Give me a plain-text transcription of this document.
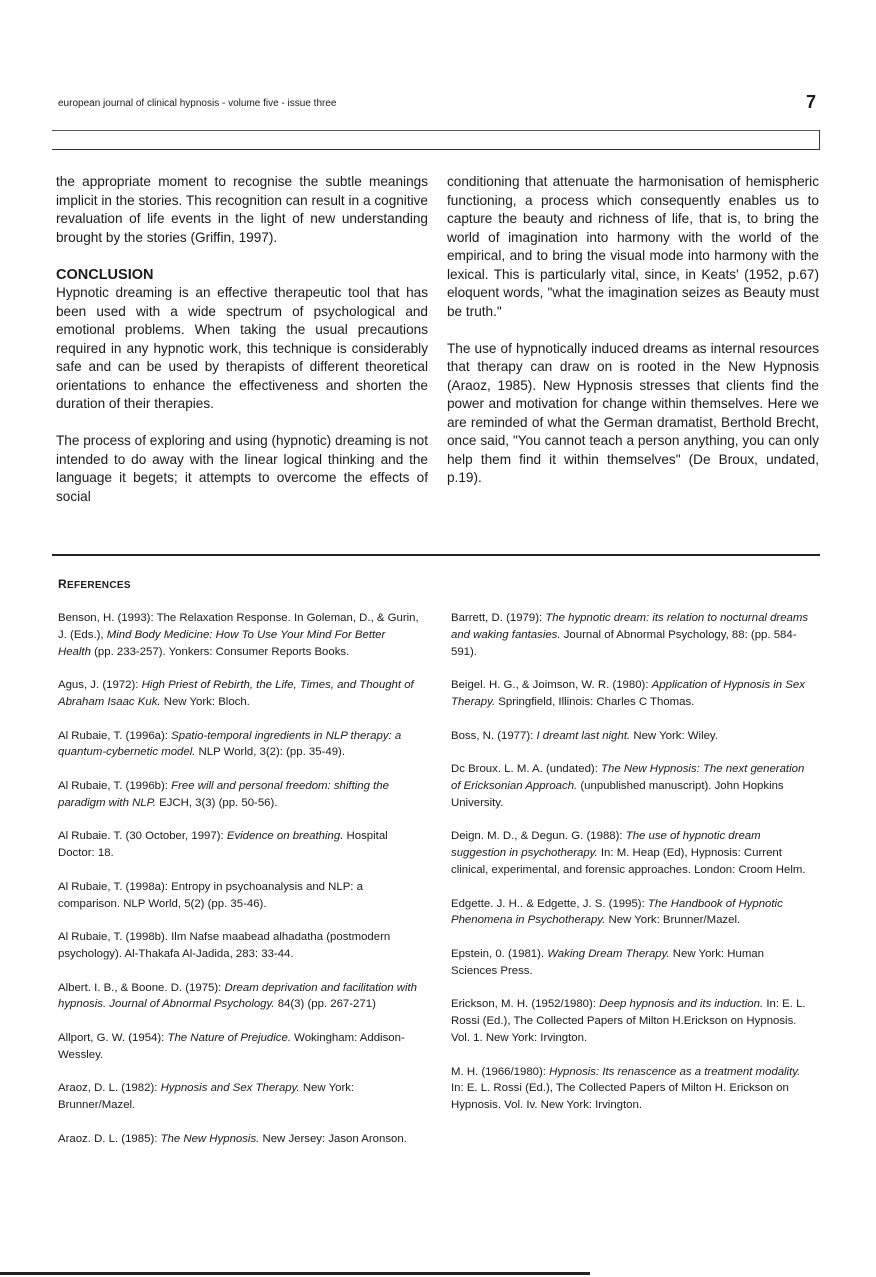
european journal of clinical hypnosis - volume five - issue three	7

the appropriate moment to recognise the subtle meanings implicit in the stories. This recognition can result in a cognitive revaluation of life events in the light of new understanding brought by the stories (Griffin, 1997).

CONCLUSION

Hypnotic dreaming is an effective therapeutic tool that has been used with a wide spectrum of psychological and emotional problems. When taking the usual precautions required in any hypnotic work, this technique is considerably safe and can be used by therapists of different theoretical orientations to enhance the effectiveness and shorten the duration of their therapies.

The process of exploring and using (hypnotic) dreaming is not intended to do away with the linear logical thinking and the language it begets; it attempts to overcome the effects of social

conditioning that attenuate the harmonisation of hemispheric functioning, a process which consequently enables us to capture the beauty and richness of life, that is, to bring the world of imagination into harmony with the world of the empirical, and to bring the visual mode into harmony with the lexical. This is particularly vital, since, in Keats' (1952, p.67) eloquent words, "what the imagination seizes as Beauty must be truth."

The use of hypnotically induced dreams as internal resources that therapy can draw on is rooted in the New Hypnosis (Araoz, 1985). New Hypnosis stresses that clients find the power and motivation for change within themselves. Here we are reminded of what the German dramatist, Berthold Brecht, once said, "You cannot teach a person anything, you can only help them find it within themselves" (De Broux, undated, p.19).

REFERENCES

Benson, H. (1993): The Relaxation Response. In Goleman, D., & Gurin, J. (Eds.), Mind Body Medicine: How To Use Your Mind For Better Health (pp. 233-257). Yonkers: Consumer Reports Books.

Agus, J. (1972): High Priest of Rebirth, the Life, Times, and Thought of Abraham Isaac Kuk. New York: Bloch.

Al Rubaie, T. (1996a): Spatio-temporal ingredients in NLP therapy: a quantum-cybernetic model. NLP World, 3(2): (pp. 35-49).

Al Rubaie, T. (1996b): Free will and personal freedom: shifting the paradigm with NLP. EJCH, 3(3) (pp. 50-56).

Al Rubaie. T. (30 October, 1997): Evidence on breathing. Hospital Doctor: 18.

Al Rubaie, T. (1998a): Entropy in psychoanalysis and NLP: a comparison. NLP World, 5(2) (pp. 35-46).

Al Rubaie, T. (1998b). Ilm Nafse maabead alhadatha (postmodern psychology). Al-Thakafa Al-Jadida, 283: 33-44.

Albert. I. B., & Boone. D. (1975): Dream deprivation and facilitation with hypnosis. Journal of Abnormal Psychology. 84(3) (pp. 267-271)

Allport, G. W. (1954): The Nature of Prejudice. Wokingham: Addison-Wessley.

Araoz, D. L. (1982): Hypnosis and Sex Therapy. New York: Brunner/Mazel.

Araoz. D. L. (1985): The New Hypnosis. New Jersey: Jason Aronson.

Barrett, D. (1979): The hypnotic dream: its relation to nocturnal dreams and waking fantasies. Journal of Abnormal Psychology, 88: (pp. 584-591).

Beigel. H. G., & Joimson, W. R. (1980): Application of Hypnosis in Sex Therapy. Springfield, Illinois: Charles C Thomas.

Boss, N. (1977): I dreamt last night. New York: Wiley.

Dc Broux. L. M. A. (undated): The New Hypnosis: The next generation of Ericksonian Approach. (unpublished manuscript). John Hopkins University.

Deign. M. D., & Degun. G. (1988): The use of hypnotic dream suggestion in psychotherapy. In: M. Heap (Ed), Hypnosis: Current clinical, experimental, and forensic approaches. London: Croom Helm.

Edgette. J. H.. & Edgette, J. S. (1995): The Handbook of Hypnotic Phenomena in Psychotherapy. New York: Brunner/Mazel.

Epstein, 0. (1981). Waking Dream Therapy. New York: Human Sciences Press.

Erickson, M. H. (1952/1980): Deep hypnosis and its induction. In: E. L. Rossi (Ed.), The Collected Papers of Milton H.Erickson on Hypnosis. Vol. 1. New York: Irvington.

M. H. (1966/1980): Hypnosis: Its renascence as a treatment modality. In: E. L. Rossi (Ed.), The Collected Papers of Milton H. Erickson on Hypnosis. Vol. Iv. New York: Irvington.
